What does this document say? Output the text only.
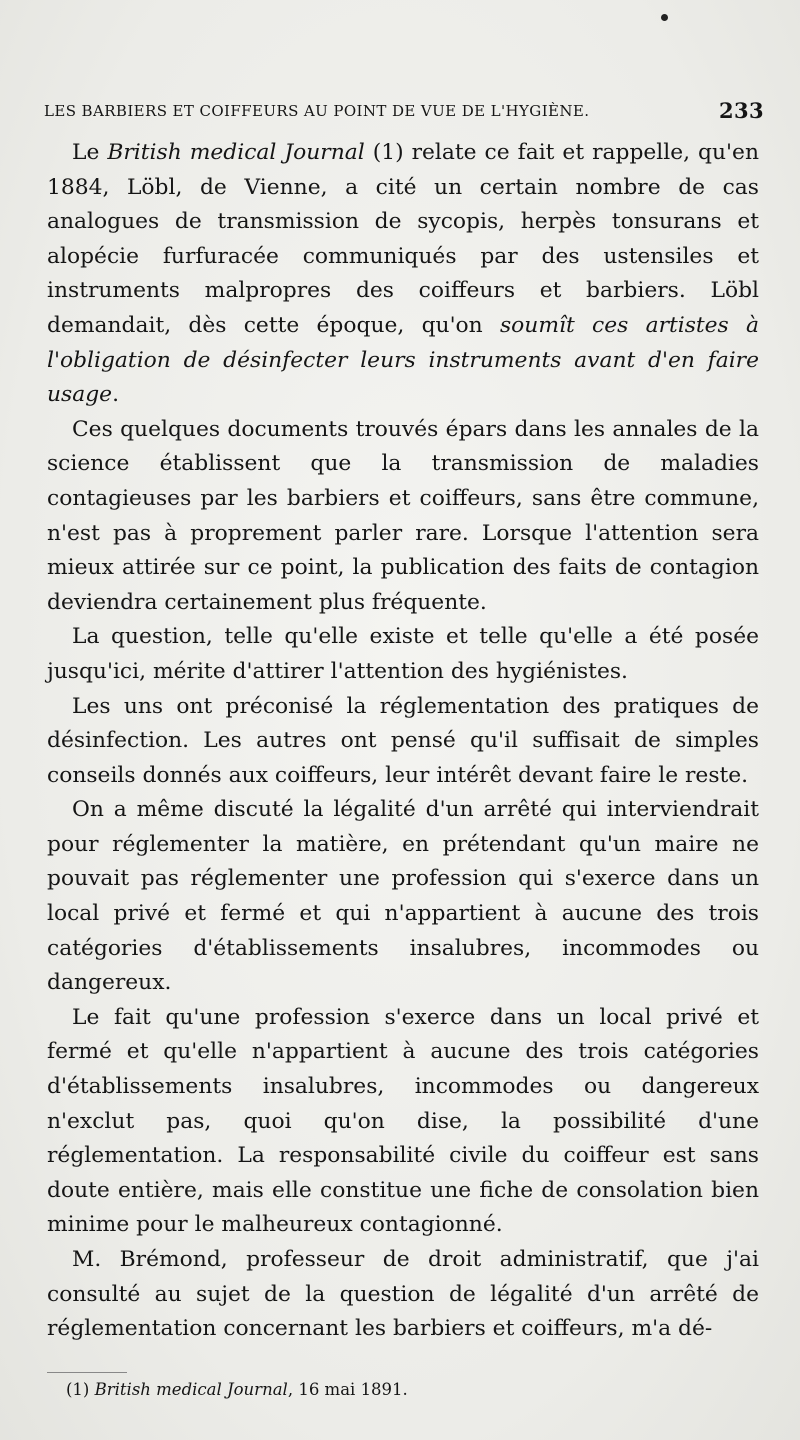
LES BARBIERS ET COIFFEURS AU POINT DE VUE DE L'HYGIÈNE.	233

Le British medical Journal (1) relate ce fait et rappelle, qu'en 1884, Löbl, de Vienne, a cité un certain nombre de cas analogues de transmission de sycopis, herpès tonsurans et alopécie furfuracée communiqués par des ustensiles et instruments malpropres des coiffeurs et barbiers. Löbl demandait, dès cette époque, qu'on soumît ces artistes à l'obligation de désinfecter leurs instruments avant d'en faire usage.

Ces quelques documents trouvés épars dans les annales de la science établissent que la transmission de maladies contagieuses par les barbiers et coiffeurs, sans être commune, n'est pas à proprement parler rare. Lorsque l'attention sera mieux attirée sur ce point, la publication des faits de contagion deviendra certainement plus fréquente.

La question, telle qu'elle existe et telle qu'elle a été posée jusqu'ici, mérite d'attirer l'attention des hygiénistes.

Les uns ont préconisé la réglementation des pratiques de désinfection. Les autres ont pensé qu'il suffisait de simples conseils donnés aux coiffeurs, leur intérêt devant faire le reste.

On a même discuté la légalité d'un arrêté qui interviendrait pour réglementer la matière, en prétendant qu'un maire ne pouvait pas réglementer une profession qui s'exerce dans un local privé et fermé et qui n'appartient à aucune des trois catégories d'établissements insalubres, incommodes ou dangereux.

Le fait qu'une profession s'exerce dans un local privé et fermé et qu'elle n'appartient à aucune des trois catégories d'établissements insalubres, incommodes ou dangereux n'exclut pas, quoi qu'on dise, la possibilité d'une réglementation. La responsabilité civile du coiffeur est sans doute entière, mais elle constitue une fiche de consolation bien minime pour le malheureux contagionné.

M. Brémond, professeur de droit administratif, que j'ai consulté au sujet de la question de légalité d'un arrêté de réglementation concernant les barbiers et coiffeurs, m'a dé-

(1) British medical Journal, 16 mai 1891.
